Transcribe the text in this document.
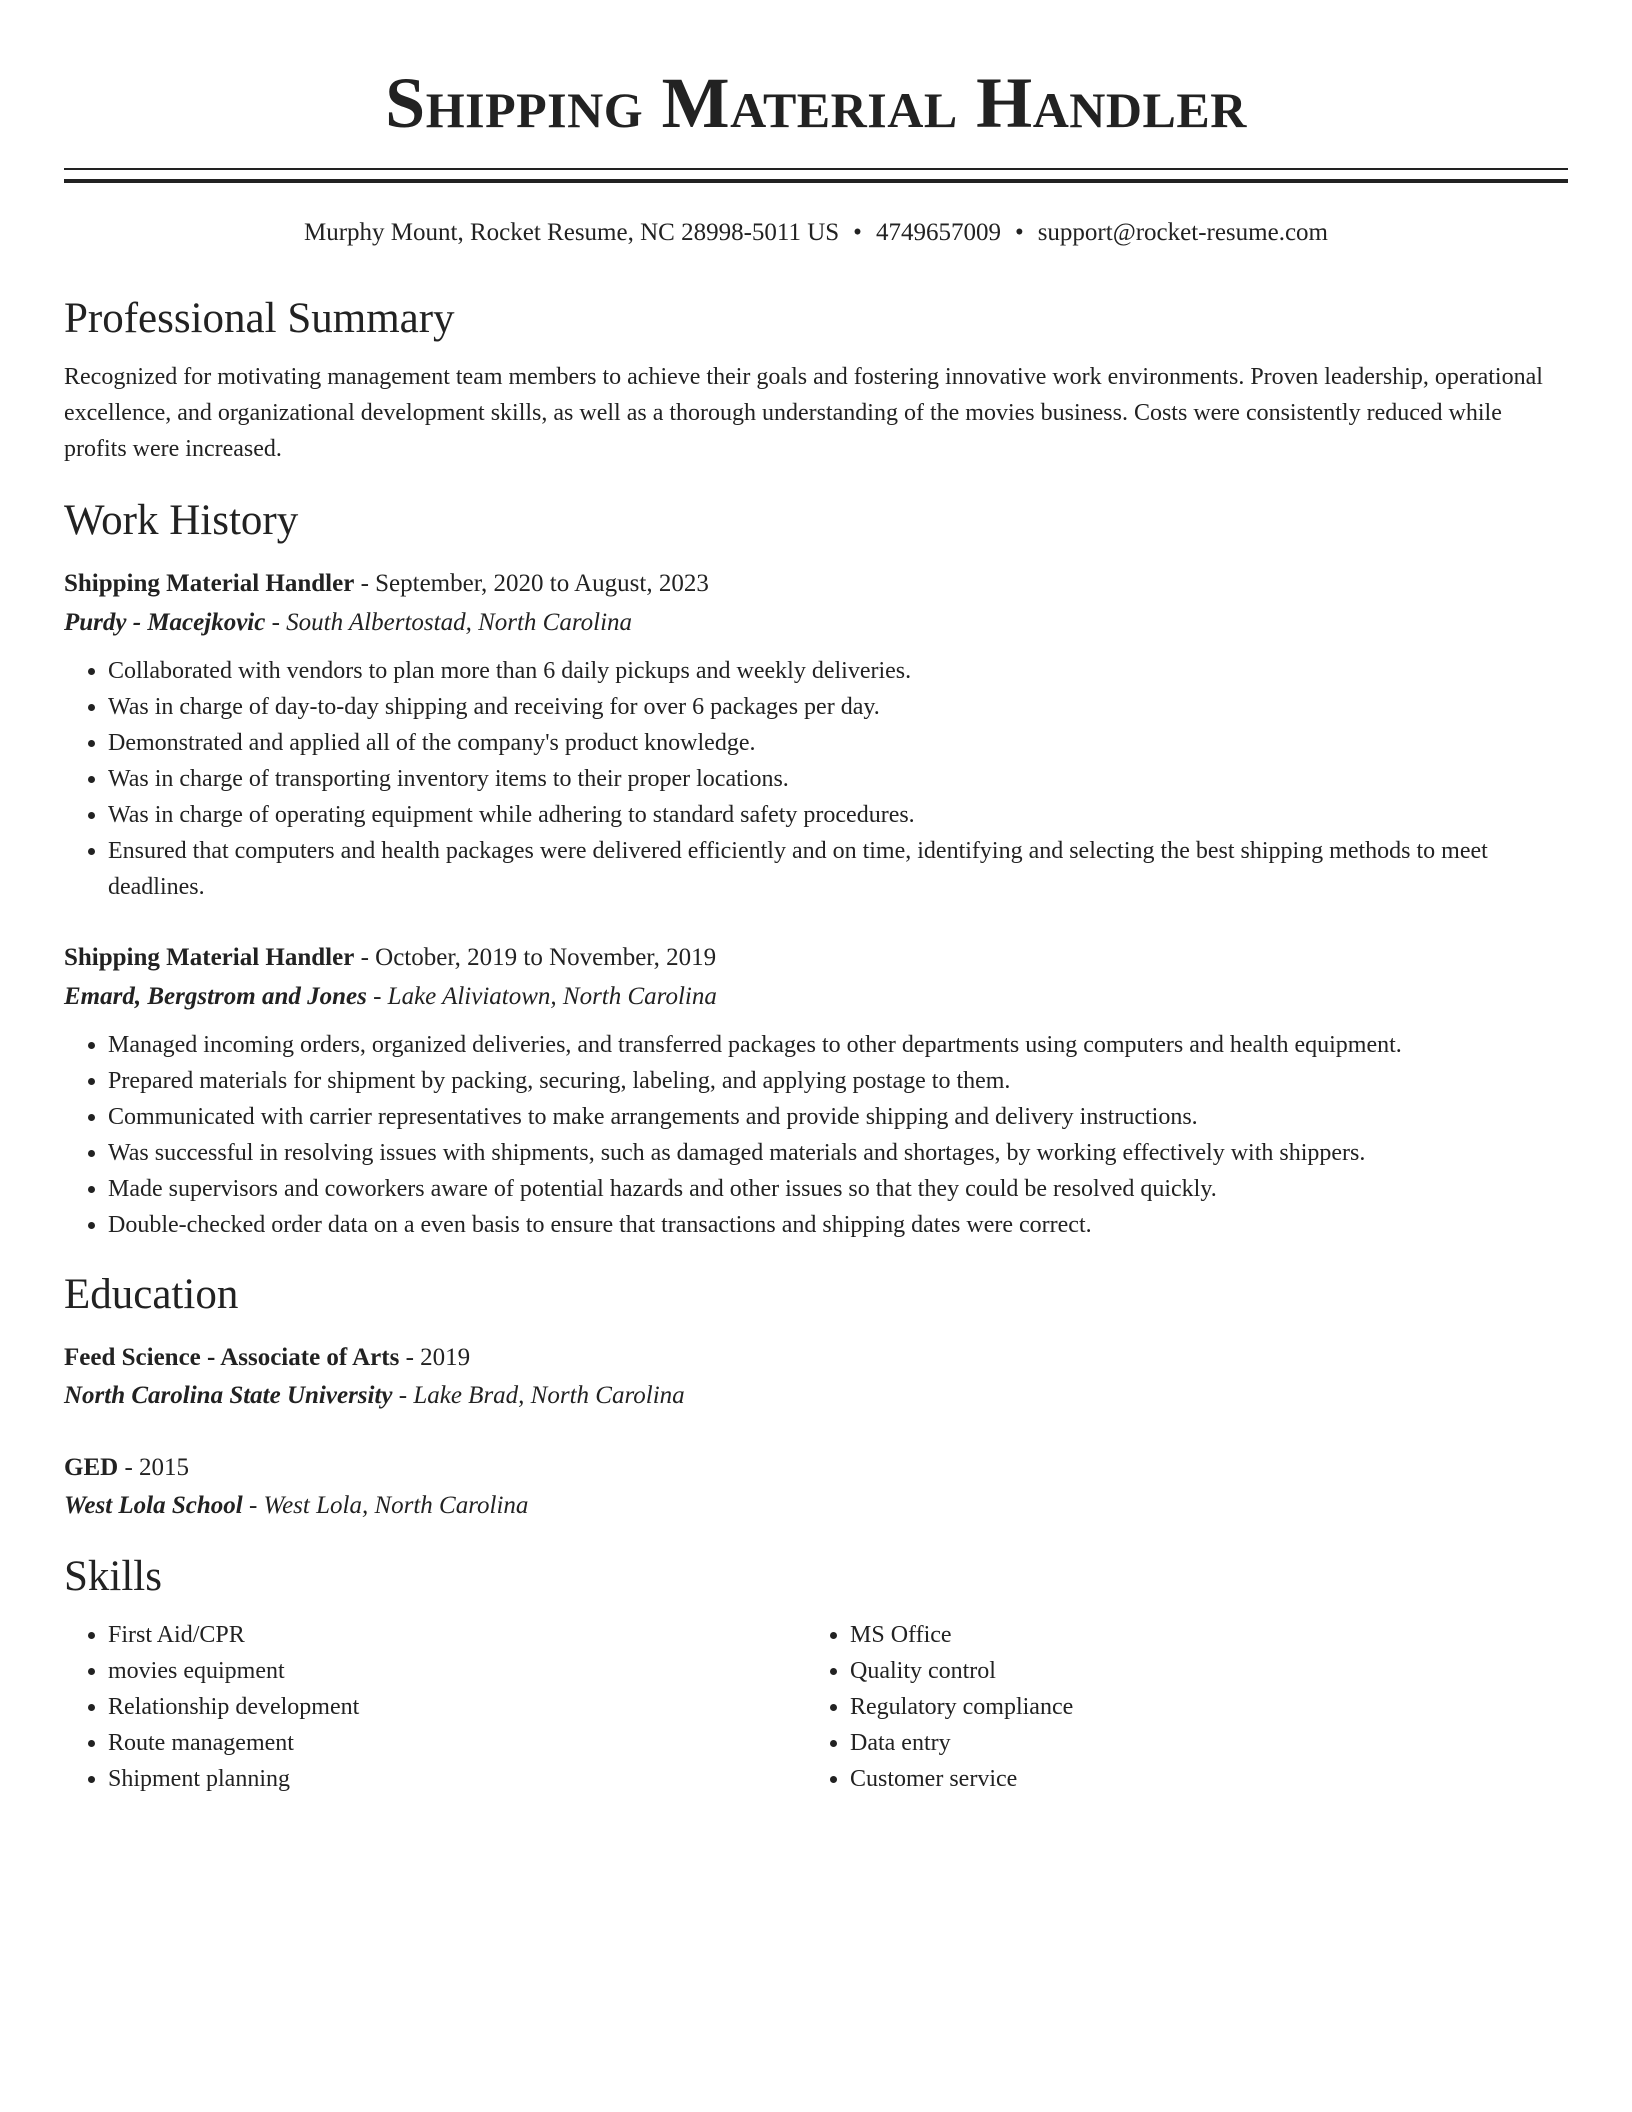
Shipping Material Handler
Murphy Mount, Rocket Resume, NC 28998-5011 US • 4749657009 • support@rocket-resume.com
Professional Summary

Recognized for motivating management team members to achieve their goals and fostering innovative work environments. Proven leadership, operational excellence, and organizational development skills, as well as a thorough understanding of the movies business. Costs were consistently reduced while profits were increased.

Work History
Shipping Material Handler - September, 2020 to August, 2023
Purdy - Macejkovic - South Albertostad, North Carolina
• Collaborated with vendors to plan more than 6 daily pickups and weekly deliveries.
• Was in charge of day-to-day shipping and receiving for over 6 packages per day.
• Demonstrated and applied all of the company's product knowledge.
• Was in charge of transporting inventory items to their proper locations.
• Was in charge of operating equipment while adhering to standard safety procedures.
• Ensured that computers and health packages were delivered efficiently and on time, identifying and selecting the best shipping methods to meet deadlines.
Shipping Material Handler - October, 2019 to November, 2019
Emard, Bergstrom and Jones - Lake Aliviatown, North Carolina
• Managed incoming orders, organized deliveries, and transferred packages to other departments using computers and health equipment.
• Prepared materials for shipment by packing, securing, labeling, and applying postage to them.
• Communicated with carrier representatives to make arrangements and provide shipping and delivery instructions.
• Was successful in resolving issues with shipments, such as damaged materials and shortages, by working effectively with shippers.
• Made supervisors and coworkers aware of potential hazards and other issues so that they could be resolved quickly.
• Double-checked order data on a even basis to ensure that transactions and shipping dates were correct.
Education
Feed Science - Associate of Arts - 2019
North Carolina State University - Lake Brad, North Carolina
GED - 2015
West Lola School - West Lola, North Carolina
Skills
• First Aid/CPR
• movies equipment
• Relationship development
• Route management
• Shipment planning
• MS Office
• Quality control
• Regulatory compliance
• Data entry
• Customer service
